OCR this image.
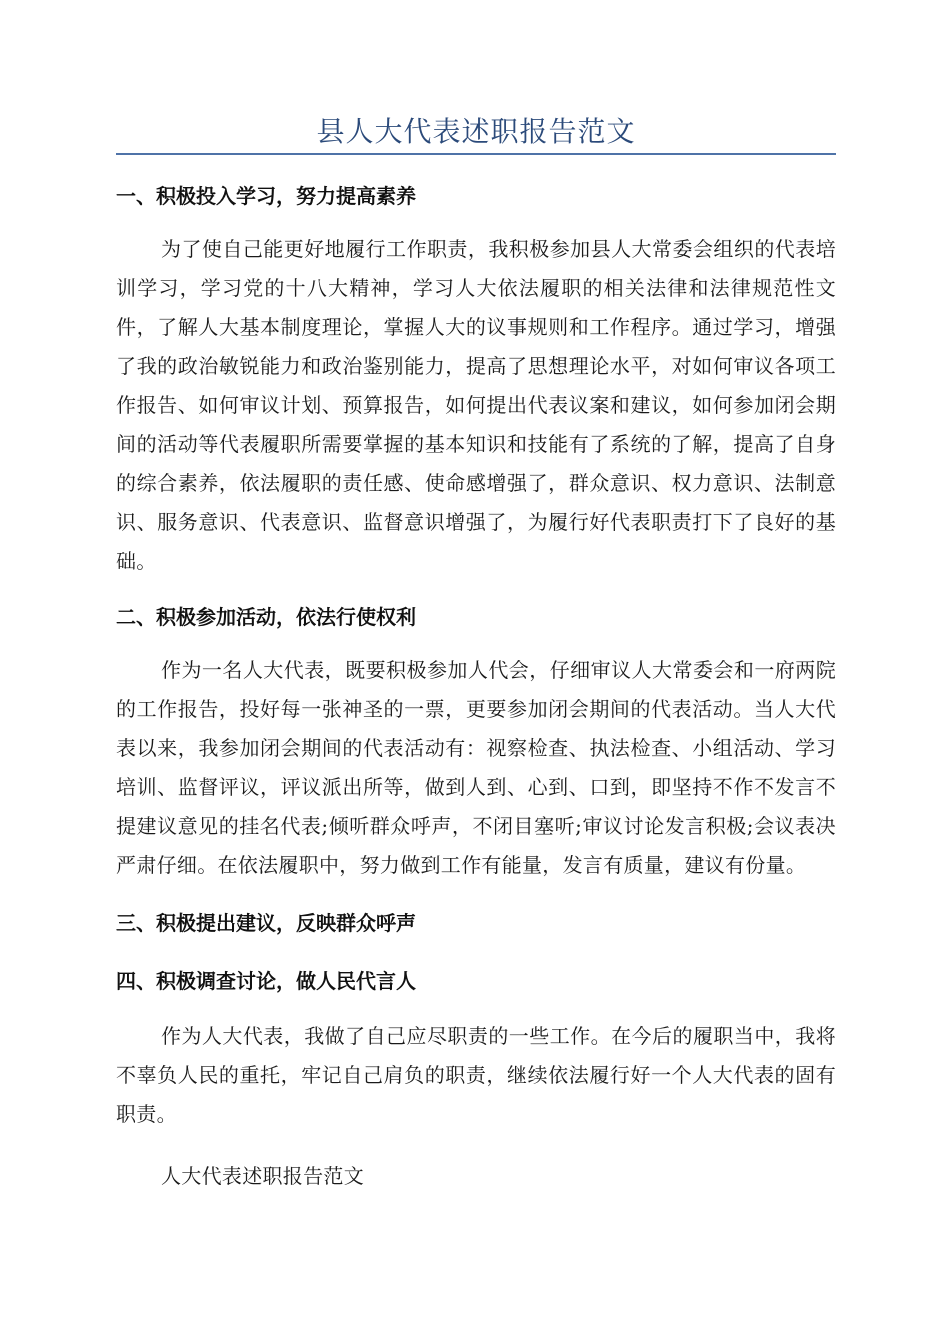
县人大代表述职报告范文

一、积极投入学习，努力提高素养

为了使自己能更好地履行工作职责，我积极参加县人大常委会组织的代表培训学习，学习党的十八大精神，学习人大依法履职的相关法律和法律规范性文件，了解人大基本制度理论，掌握人大的议事规则和工作程序。通过学习，增强了我的政治敏锐能力和政治鉴别能力，提高了思想理论水平，对如何审议各项工作报告、如何审议计划、预算报告，如何提出代表议案和建议，如何参加闭会期间的活动等代表履职所需要掌握的基本知识和技能有了系统的了解，提高了自身的综合素养，依法履职的责任感、使命感增强了，群众意识、权力意识、法制意识、服务意识、代表意识、监督意识增强了，为履行好代表职责打下了良好的基础。

二、积极参加活动，依法行使权利

作为一名人大代表，既要积极参加人代会，仔细审议人大常委会和一府两院的工作报告，投好每一张神圣的一票，更要参加闭会期间的代表活动。当人大代表以来，我参加闭会期间的代表活动有：视察检查、执法检查、小组活动、学习培训、监督评议，评议派出所等，做到人到、心到、口到，即坚持不作不发言不提建议意见的挂名代表;倾听群众呼声，不闭目塞听;审议讨论发言积极;会议表决严肃仔细。在依法履职中，努力做到工作有能量，发言有质量，建议有份量。

三、积极提出建议，反映群众呼声

四、积极调查讨论，做人民代言人

作为人大代表，我做了自己应尽职责的一些工作。在今后的履职当中，我将不辜负人民的重托，牢记自己肩负的职责，继续依法履行好一个人大代表的固有职责。

人大代表述职报告范文
